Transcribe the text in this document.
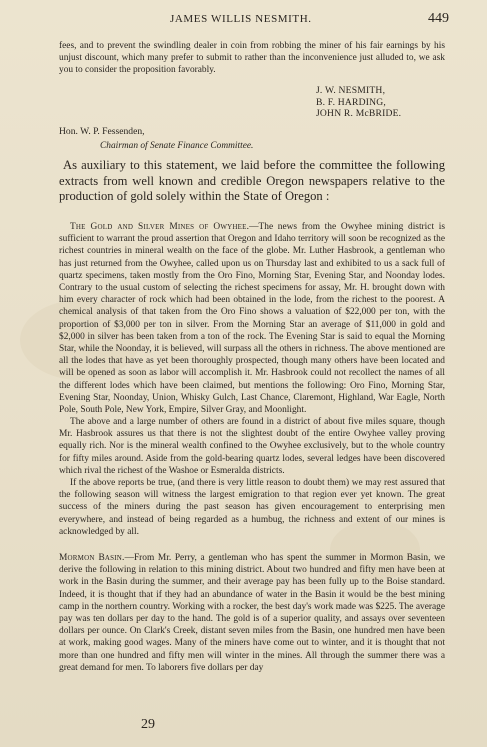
JAMES WILLIS NESMITH.	449
fees, and to prevent the swindling dealer in coin from robbing the miner of his fair earnings by his unjust discount, which many prefer to submit to rather than the inconvenience just alluded to, we ask you to consider the proposition favorably.
J. W. NESMITH,
B. F. HARDING,
JOHN R. McBRIDE.
Hon. W. P. Fessenden,
Chairman of Senate Finance Committee.
As auxiliary to this statement, we laid before the committee the following extracts from well known and credible Oregon newspapers relative to the production of gold solely within the State of Oregon :
The Gold and Silver Mines of Owyhee.—The news from the Owyhee mining district is sufficient to warrant the proud assertion that Oregon and Idaho territory will soon be recognized as the richest countries in mineral wealth on the face of the globe. Mr. Luther Hasbrook, a gentleman who has just returned from the Owyhee, called upon us on Thursday last and exhibited to us a sack full of quartz specimens, taken mostly from the Oro Fino, Morning Star, Evening Star, and Noonday lodes. Contrary to the usual custom of selecting the richest specimens for assay, Mr. H. brought down with him every character of rock which had been obtained in the lode, from the richest to the poorest. A chemical analysis of that taken from the Oro Fino shows a valuation of $22,000 per ton, with the proportion of $3,000 per ton in silver. From the Morning Star an average of $11,000 in gold and $2,000 in silver has been taken from a ton of the rock. The Evening Star is said to equal the Morning Star, while the Noonday, it is believed, will surpass all the others in richness. The above mentioned are all the lodes that have as yet been thoroughly prospected, though many others have been located and will be opened as soon as labor will accomplish it. Mr. Hasbrook could not recollect the names of all the different lodes which have been claimed, but mentions the following: Oro Fino, Morning Star, Evening Star, Noonday, Union, Whisky Gulch, Last Chance, Claremont, Highland, War Eagle, North Pole, South Pole, New York, Empire, Silver Gray, and Moonlight.
The above and a large number of others are found in a district of about five miles square, though Mr. Hasbrook assures us that there is not the slightest doubt of the entire Owyhee valley proving equally rich. Nor is the mineral wealth confined to the Owyhee exclusively, but to the whole country for fifty miles around. Aside from the gold-bearing quartz lodes, several ledges have been discovered which rival the richest of the Washoe or Esmeralda districts.
If the above reports be true, (and there is very little reason to doubt them) we may rest assured that the following season will witness the largest emigration to that region ever yet known. The great success of the miners during the past season has given encouragement to enterprising men everywhere, and instead of being regarded as a humbug, the richness and extent of our mines is acknowledged by all.
Mormon Basin.—From Mr. Perry, a gentleman who has spent the summer in Mormon Basin, we derive the following in relation to this mining district. About two hundred and fifty men have been at work in the Basin during the summer, and their average pay has been fully up to the Boise standard. Indeed, it is thought that if they had an abundance of water in the Basin it would be the best mining camp in the northern country. Working with a rocker, the best day's work made was $225. The average pay was ten dollars per day to the hand. The gold is of a superior quality, and assays over seventeen dollars per ounce. On Clark's Creek, distant seven miles from the Basin, one hundred men have been at work, making good wages. Many of the miners have come out to winter, and it is thought that not more than one hundred and fifty men will winter in the mines. All through the summer there was a great demand for men. To laborers five dollars per day
29
